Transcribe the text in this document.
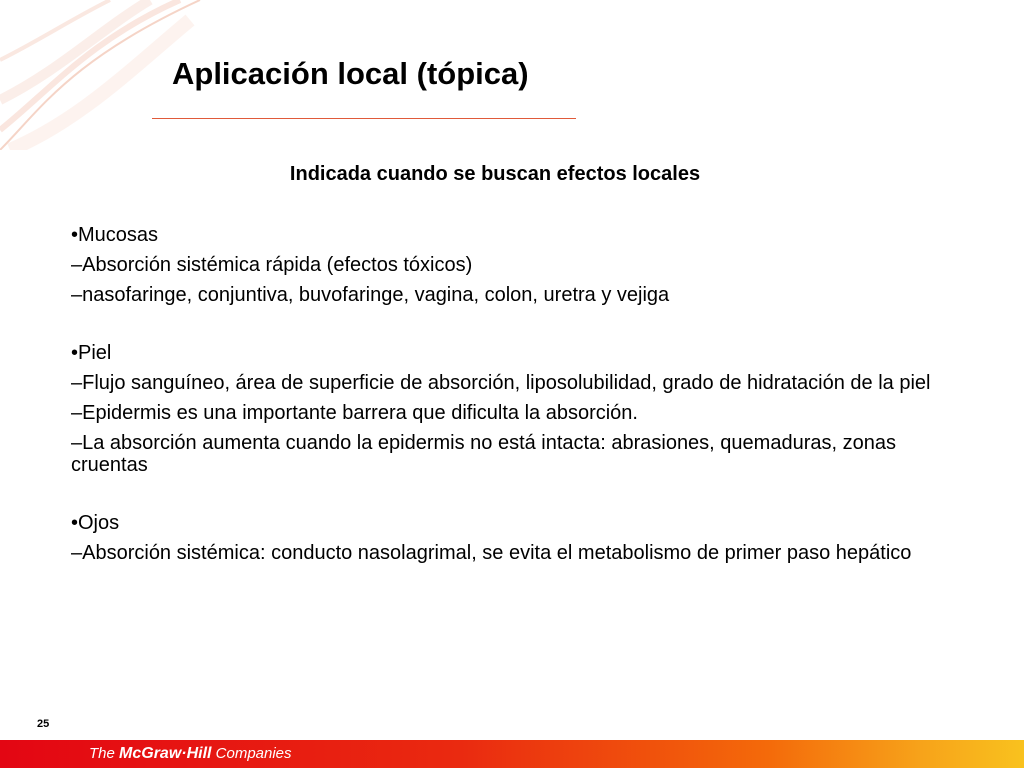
Aplicación local (tópica)
Indicada cuando se buscan efectos locales
•Mucosas
–Absorción sistémica rápida (efectos tóxicos)
–nasofaringe, conjuntiva, buvofaringe, vagina, colon, uretra y vejiga
•Piel
–Flujo sanguíneo, área de superficie de absorción, liposolubilidad, grado de hidratación de la piel
–Epidermis es una importante barrera que dificulta la absorción.
–La absorción aumenta cuando la epidermis no está intacta: abrasiones, quemaduras, zonas cruentas
•Ojos
–Absorción sistémica: conducto nasolagrimal, se evita el metabolismo de primer paso hepático
25
The McGraw·Hill Companies
